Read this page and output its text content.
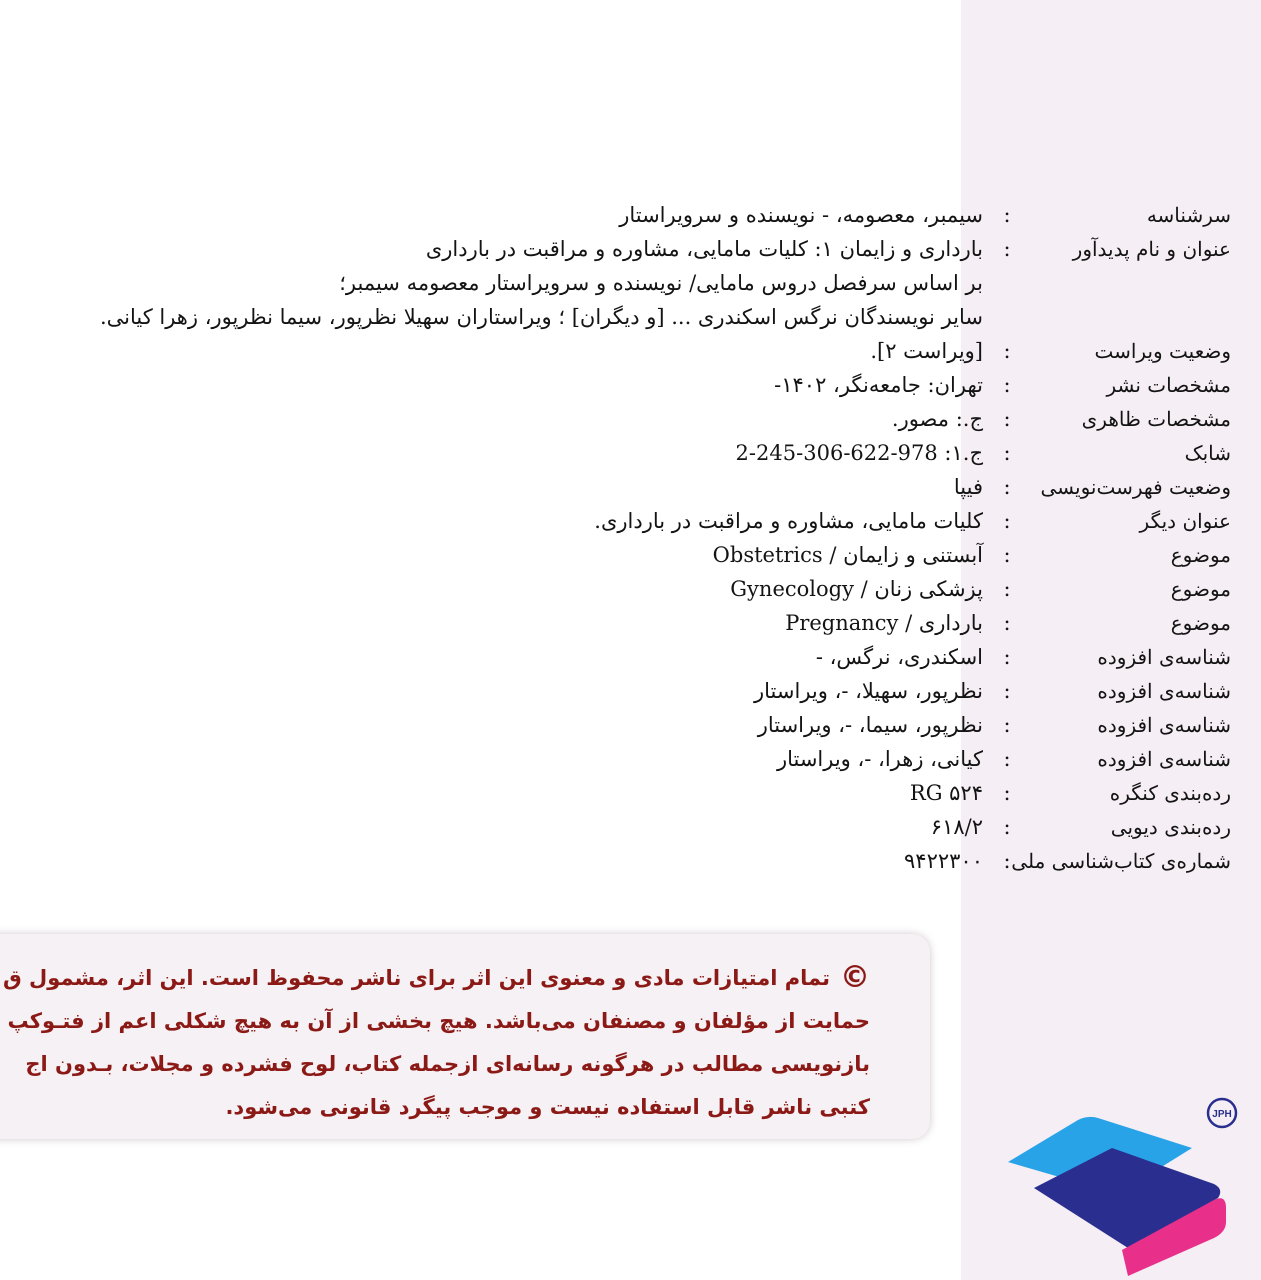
سرشناسه
:
سیمبر، معصومه، - نویسنده و سرویراستار
عنوان و نام پدیدآور
:
بارداری و زایمان ۱: کلیات مامایی، مشاوره و مراقبت در بارداری
بر اساس سرفصل دروس مامایی/ نویسنده و سرویراستار معصومه سیمبر؛
سایر نویسندگان نرگس اسکندری ... [و دیگران] ؛ ویراستاران سهیلا نظرپور، سیما نظرپور، زهرا کیانی.
وضعیت ویراست
:
[ویراست ۲].
مشخصات نشر
:
تهران: جامعه‌نگر، ۱۴۰۲-
مشخصات ظاهری
:
ج.: مصور.
شابک
:
ج.۱: 978-622-306-245-2
وضعیت فهرست‌نویسی
:
فیپا
عنوان دیگر
:
کلیات مامایی، مشاوره و مراقبت در بارداری.
موضوع
:
آبستنی و زایمان / Obstetrics
موضوع
:
پزشکی زنان / Gynecology
موضوع
:
بارداری / Pregnancy
شناسه‌ی افزوده
:
اسکندری، نرگس، -
شناسه‌ی افزوده
:
نظرپور، سهیلا، -، ویراستار
شناسه‌ی افزوده
:
نظرپور، سیما، -، ویراستار
شناسه‌ی افزوده
:
کیانی، زهرا، -، ویراستار
رده‌بندی کنگره
:
RG ۵۲۴
رده‌بندی دیویی
:
۶۱۸/۲
شماره‌ی کتاب‌شناسی ملی
:
۹۴۲۲۳۰۰
©تمام امتیازات مادی و معنوی این اثر برای ناشر محفوظ است. این اثر، مشمول ق
حمایت از مؤلفان و مصنفان می‌باشد. هیچ بخشی از آن به هیچ شکلی اعم از فتـوکپ
بازنویسی مطالب در هرگونه رسانه‌ای ازجمله کتاب، لوح فشرده و مجلات، بـدون اج
کتبی ناشر قابل استفاده نیست و موجب پیگرد قانونی می‌شود.	JPH
